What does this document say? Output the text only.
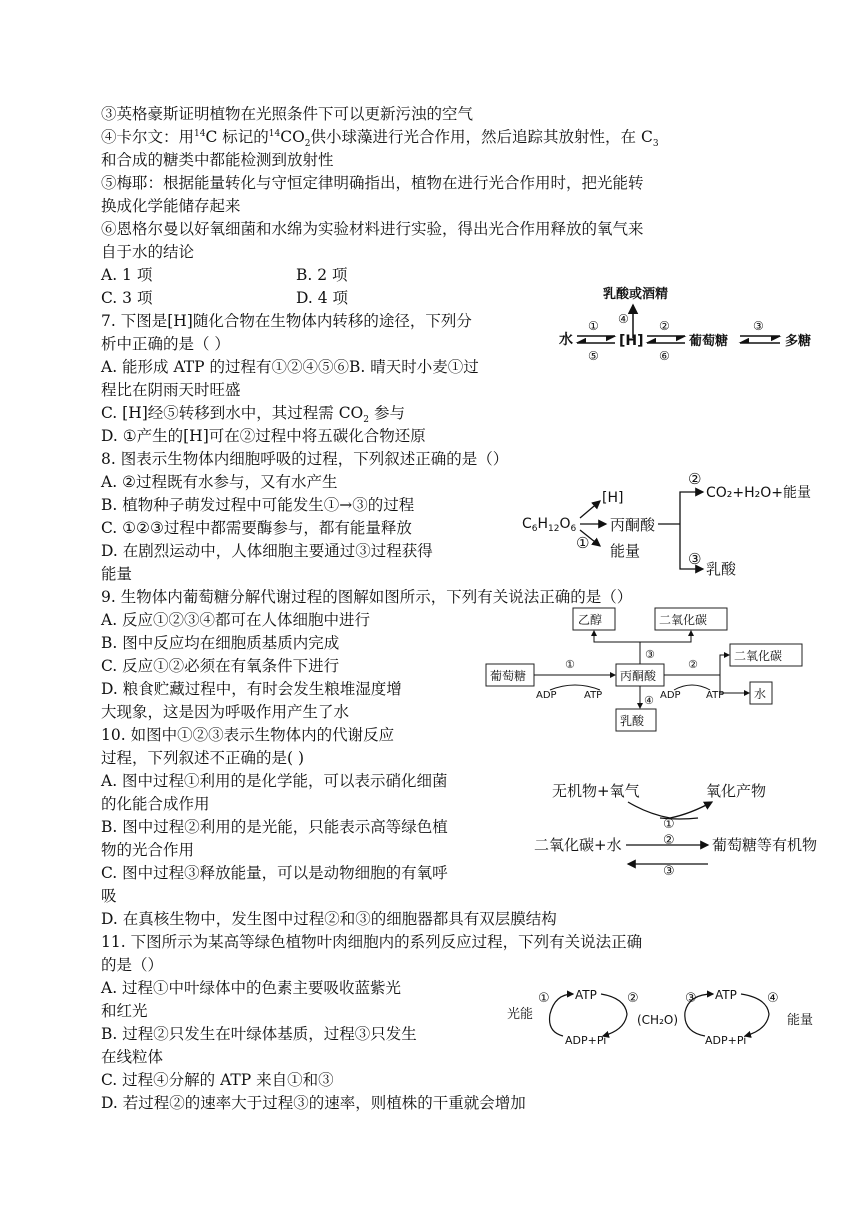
③英格豪斯证明植物在光照条件下可以更新污浊的空气
④卡尔文：用$^{14}$C 标记的$^{14}CO_2$供小球藻进行光合作用，然后追踪其放射性，在 $C_3$
和合成的糖类中都能检测到放射性
⑤梅耶：根据能量转化与守恒定律明确指出，植物在进行光合作用时，把光能转
换成化学能储存起来
⑥恩格尔曼以好氧细菌和水绵为实验材料进行实验，得出光合作用释放的氧气来
自于水的结论
A. 1 项	B. 2 项
C. 3 项	D. 4 项
7. 下图是[H]随化合物在生物体内转移的途径，下列分
析中正确的是（ ）
A. 能形成 ATP 的过程有①②④⑤⑥B. 晴天时小麦①过
程比在阴雨天时旺盛
C. [H]经⑤转移到水中，其过程需 $CO_2$ 参与
D. ①产生的[H]可在②过程中将五碳化合物还原
8. 图表示生物体内细胞呼吸的过程，下列叙述正确的是（）
A. ②过程既有水参与，又有水产生
B. 植物种子萌发过程中可能发生①→③的过程
C. ①②③过程中都需要酶参与，都有能量释放
D. 在剧烈运动中，人体细胞主要通过③过程获得
能量
9. 生物体内葡萄糖分解代谢过程的图解如图所示，下列有关说法正确的是（）
A. 反应①②③④都可在人体细胞中进行
B. 图中反应均在细胞质基质内完成
C. 反应①②必须在有氧条件下进行
D. 粮食贮藏过程中，有时会发生粮堆湿度增
大现象，这是因为呼吸作用产生了水
10. 如图中①②③表示生物体内的代谢反应
过程，下列叙述不正确的是( )
A. 图中过程①利用的是化学能，可以表示硝化细菌
的化能合成作用
B. 图中过程②利用的是光能，只能表示高等绿色植
物的光合作用
C. 图中过程③释放能量，可以是动物细胞的有氧呼
吸
D. 在真核生物中，发生图中过程②和③的细胞器都具有双层膜结构
11. 下图所示为某高等绿色植物叶肉细胞内的系列反应过程，下列有关说法正确
的是（）
A. 过程①中叶绿体中的色素主要吸收蓝紫光
和红光
B. 过程②只发生在叶绿体基质，过程③只发生
在线粒体
C. 过程④分解的 ATP 来自①和③
D. 若过程②的速率大于过程③的速率，则植株的干重就会增加
乳酸或酒精
④
水
①
⑤
[H]
②
⑥
葡萄糖
③
多糖
$C_6H_{12}O_6$
[H]
①
丙酮酸
能量
②
CO₂+H₂O+能量
③
乳酸
乙醇	二氧化碳
葡萄糖	丙酮酸
二氧化碳
水
乳酸
①
ADP	ATP
③
②
ADP	ATP
④
无机物+氧气	氧化产物
①
②
二氧化碳+水	葡萄糖等有机物
③
光能
① ATP
ADP+Pi
②
(CH₂O)
③ ATP
ADP+Pi
④
能量
